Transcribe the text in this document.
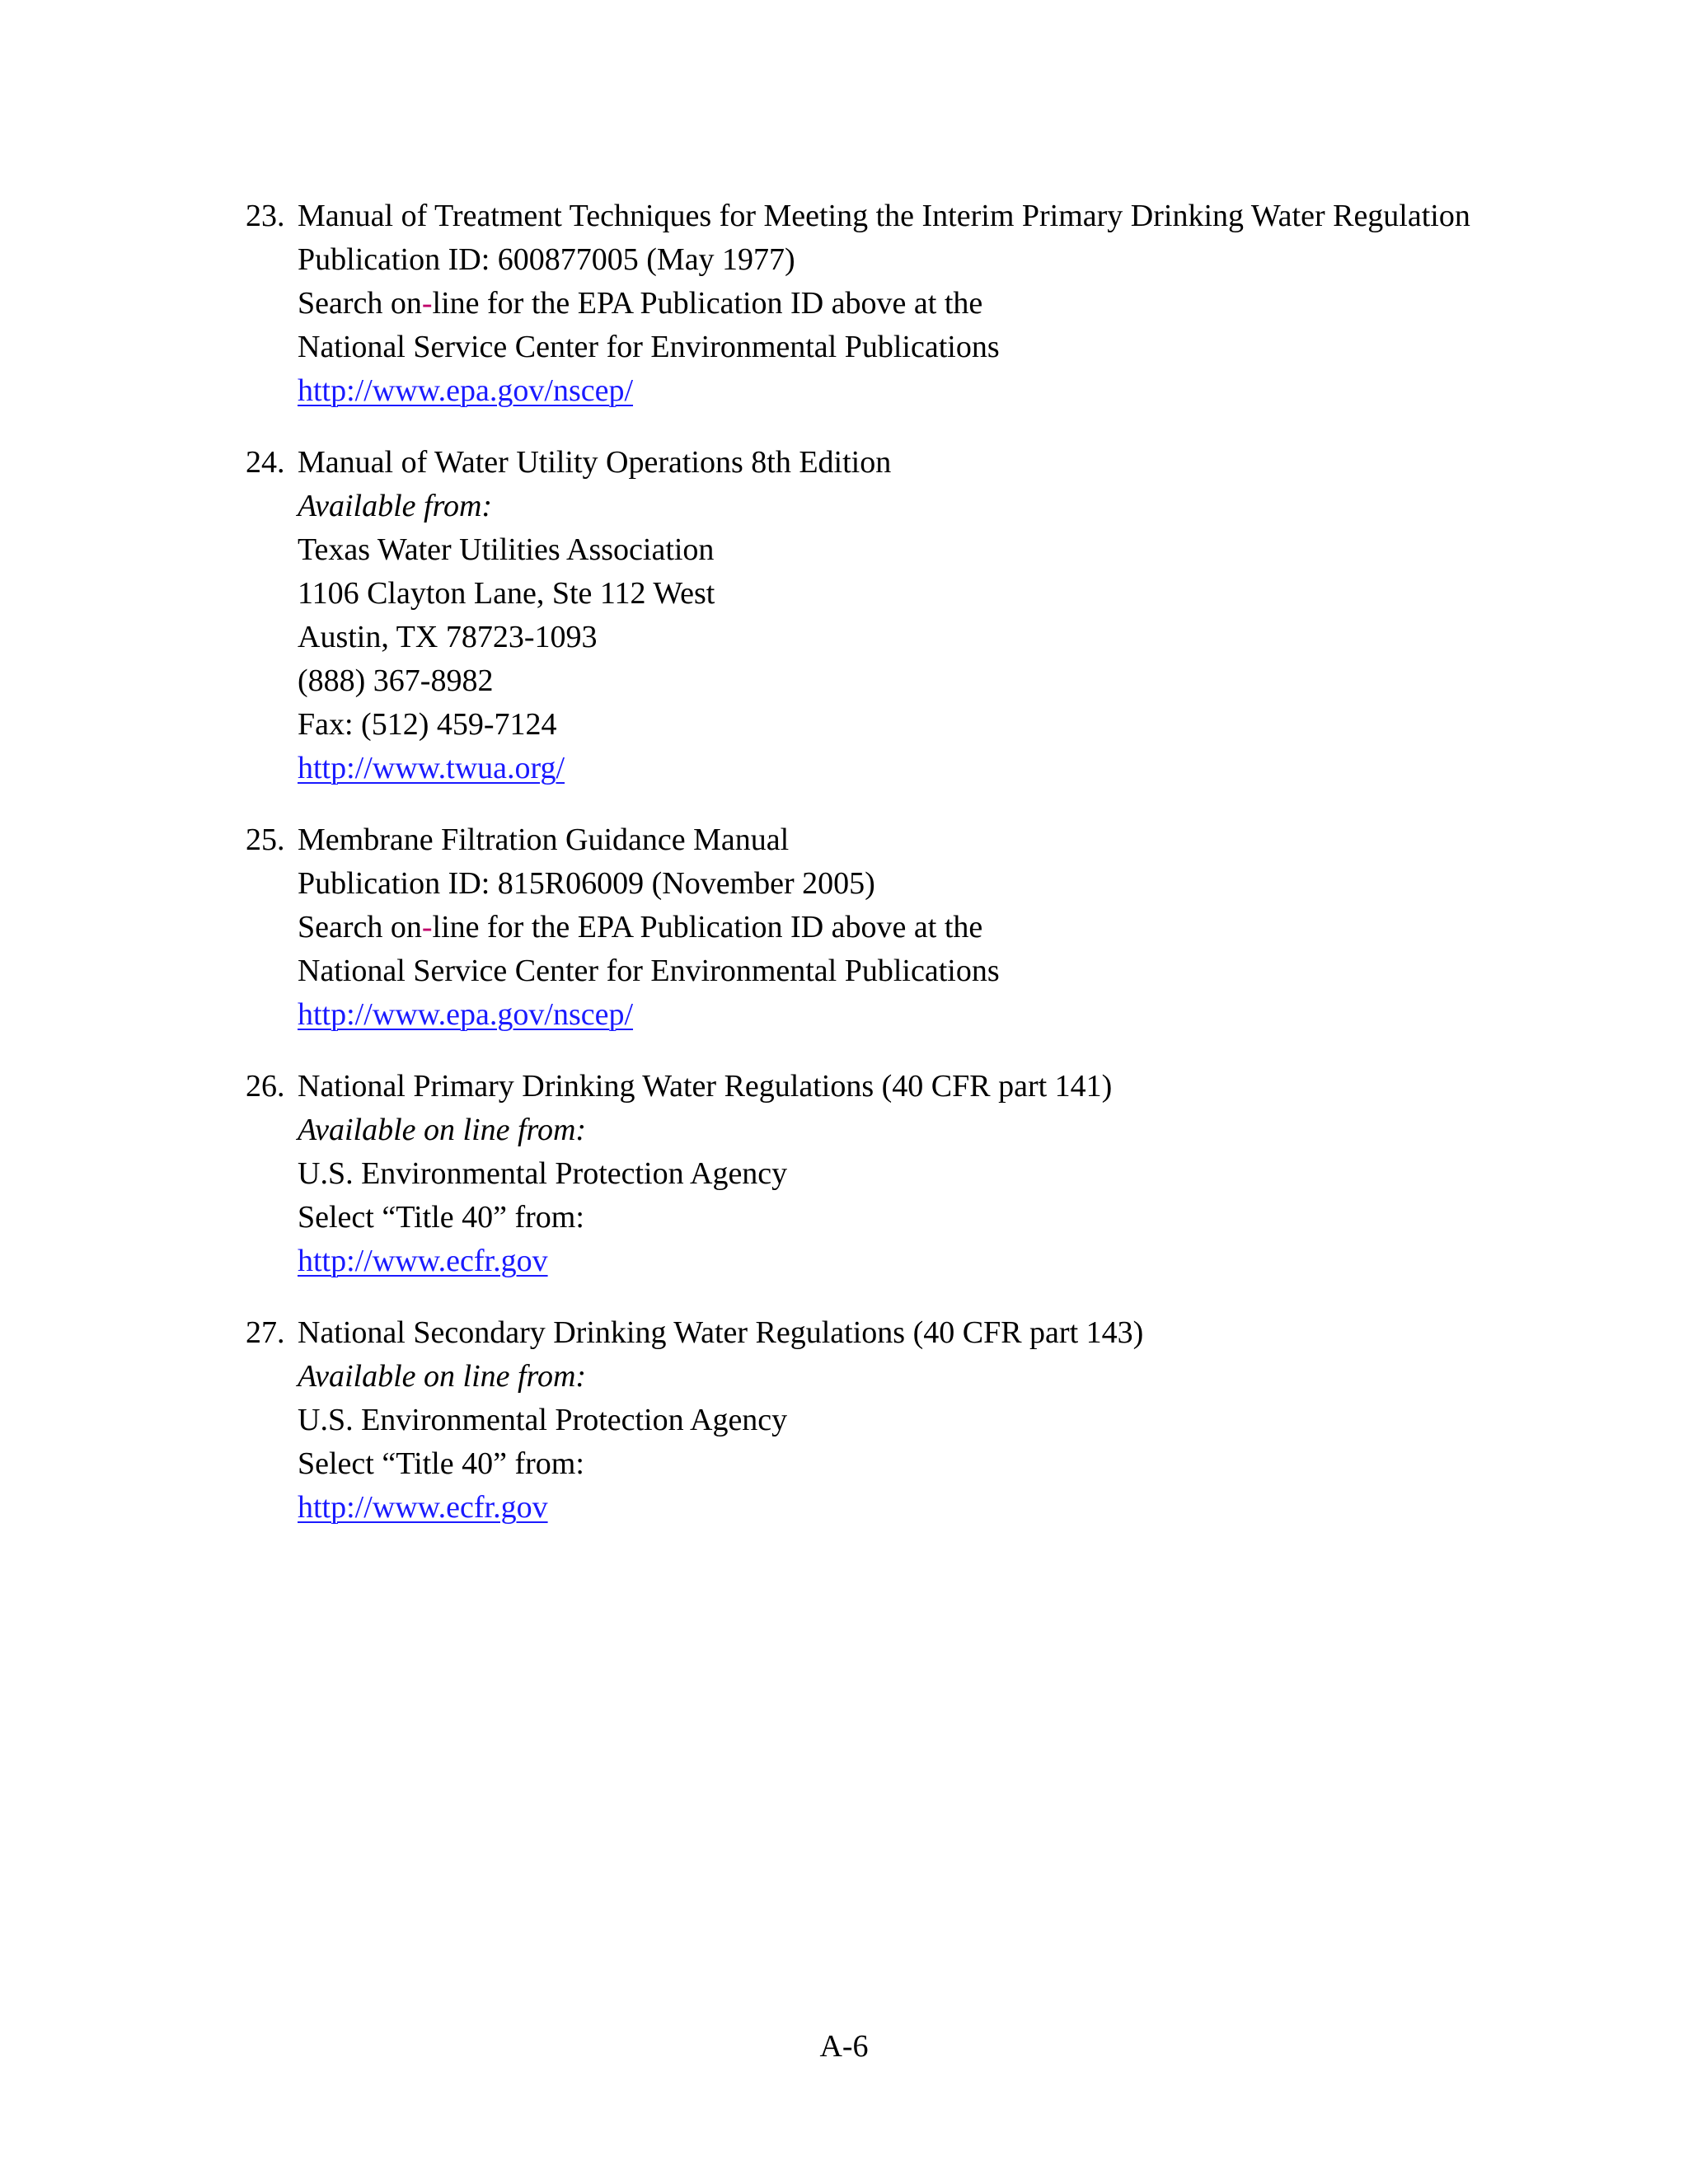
23. Manual of Treatment Techniques for Meeting the Interim Primary Drinking Water Regulation
Publication ID: 600877005 (May 1977)
Search on-line for the EPA Publication ID above at the
National Service Center for Environmental Publications
http://www.epa.gov/nscep/
24. Manual of Water Utility Operations 8th Edition
Available from:
Texas Water Utilities Association
1106 Clayton Lane, Ste 112 West
Austin, TX 78723-1093
(888) 367-8982
Fax: (512) 459-7124
http://www.twua.org/
25. Membrane Filtration Guidance Manual
Publication ID: 815R06009 (November 2005)
Search on-line for the EPA Publication ID above at the
National Service Center for Environmental Publications
http://www.epa.gov/nscep/
26. National Primary Drinking Water Regulations (40 CFR part 141)
Available on line from:
U.S. Environmental Protection Agency
Select “Title 40” from:
http://www.ecfr.gov
27. National Secondary Drinking Water Regulations (40 CFR part 143)
Available on line from:
U.S. Environmental Protection Agency
Select “Title 40” from:
http://www.ecfr.gov
A-6
